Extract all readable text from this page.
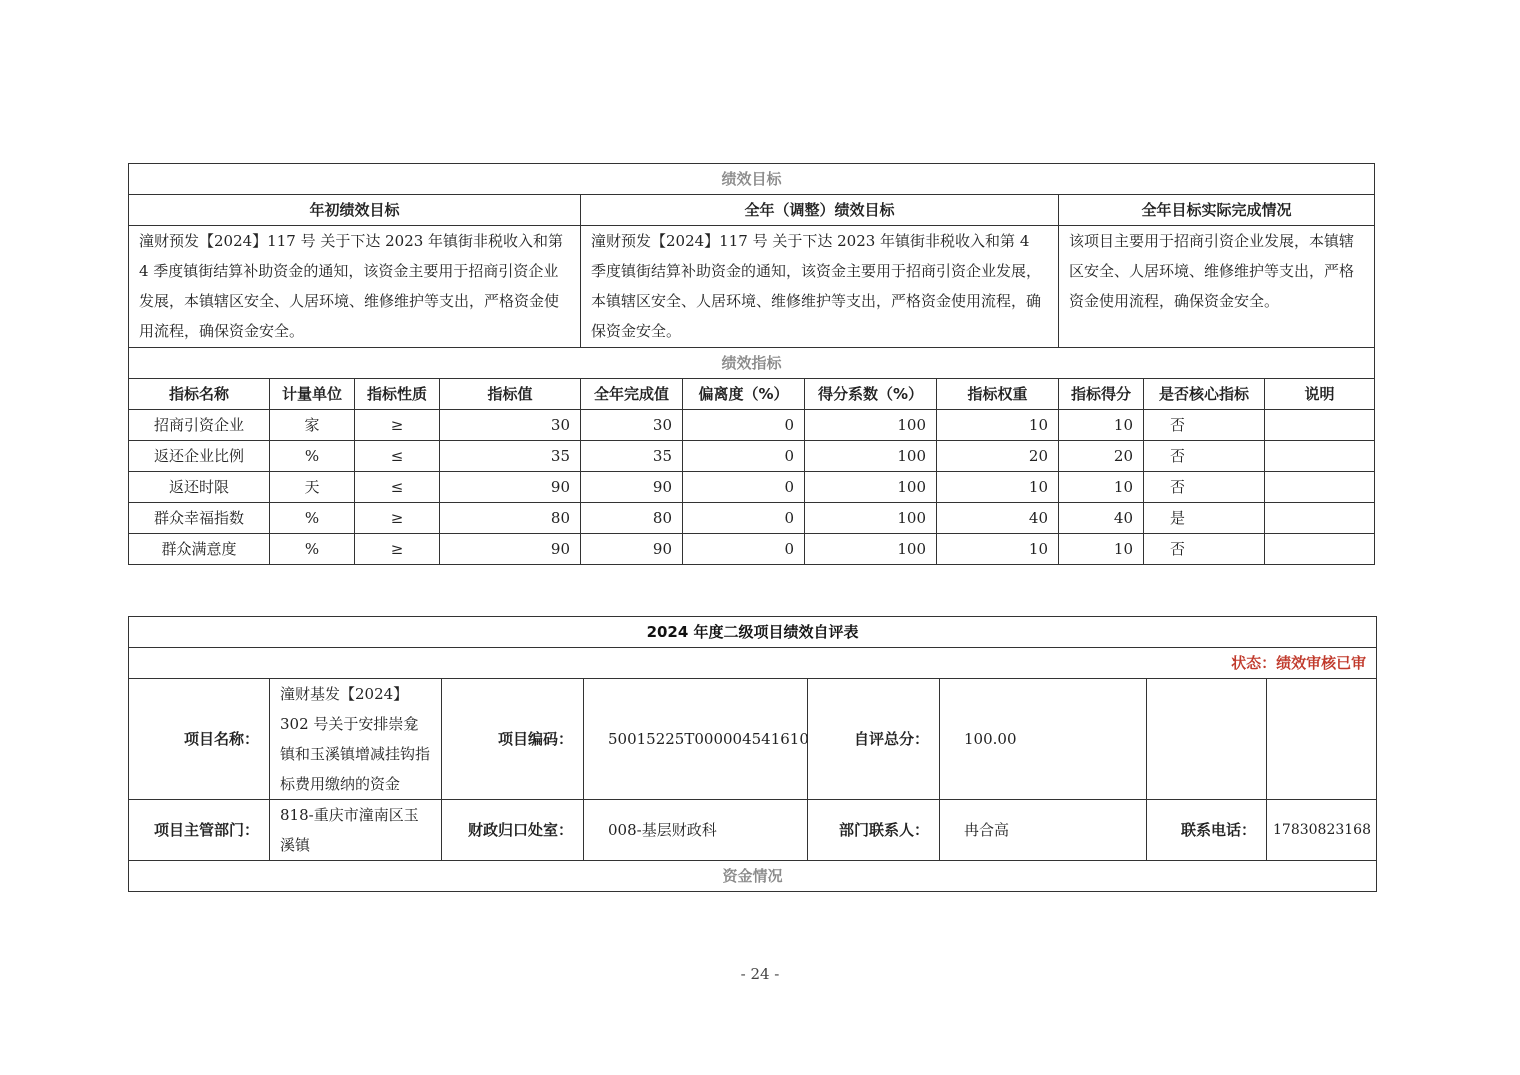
绩效目标										
年初绩效目标				全年（调整）绩效目标				全年目标实际完成情况		
潼财预发【2024】117 号 关于下达 2023 年镇街非税收入和第 4 季度镇街结算补助资金的通知，该资金主要用于招商引资企业发展，本镇辖区安全、人居环境、维修维护等支出，严格资金使用流程，确保资金安全。				潼财预发【2024】117 号 关于下达 2023 年镇街非税收入和第 4 季度镇街结算补助资金的通知，该资金主要用于招商引资企业发展，本镇辖区安全、人居环境、维修维护等支出，严格资金使用流程，确保资金安全。				该项目主要用于招商引资企业发展，本镇辖区安全、人居环境、维修维护等支出，严格资金使用流程，确保资金安全。		
绩效指标										
指标名称	计量单位	指标性质	指标值	全年完成值	偏离度（%）	得分系数（%）	指标权重	指标得分	是否核心指标	说明
招商引资企业	家	≥	30	30	0	100	10	10	否	
返还企业比例	%	≤	35	35	0	100	20	20	否	
返还时限	天	≤	90	90	0	100	10	10	否	
群众幸福指数	%	≥	80	80	0	100	40	40	是	
群众满意度	%	≥	90	90	0	100	10	10	否	
2024 年度二级项目绩效自评表							
状态：绩效审核已审							
项目名称：	潼财基发【2024】302 号关于安排崇龛镇和玉溪镇增减挂钩指标费用缴纳的资金	项目编码：	50015225T000004541610	自评总分：	100.00		
项目主管部门：	818-重庆市潼南区玉溪镇	财政归口处室：	008-基层财政科	部门联系人：	冉合高	联系电话：	17830823168
资金情况							
- 24 -
